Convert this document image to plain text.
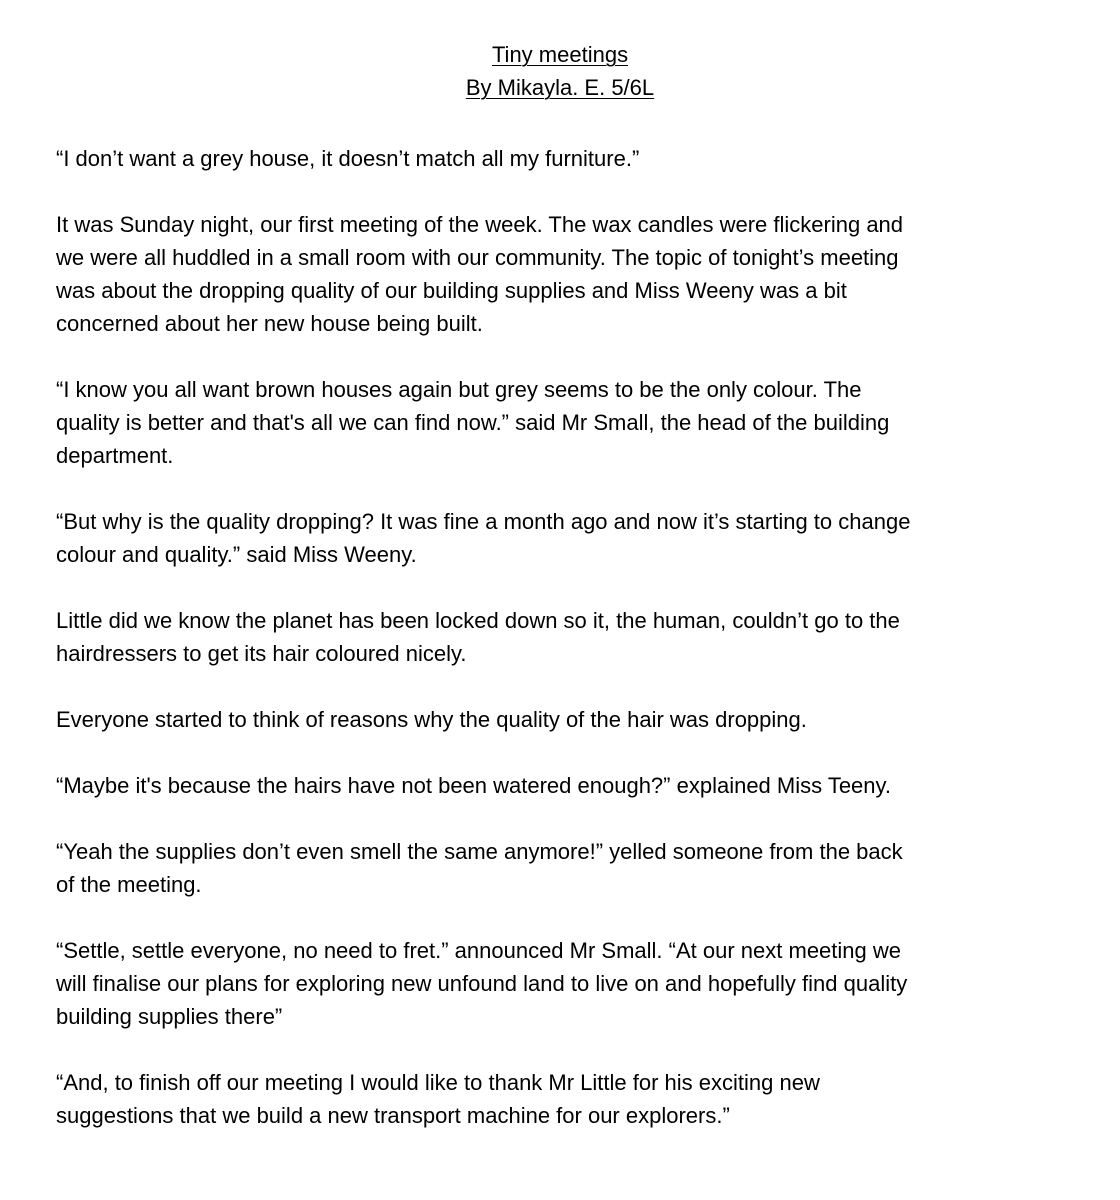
Tiny meetings
By Mikayla. E. 5/6L

“I don’t want a grey house, it doesn’t match all my furniture.”

It was Sunday night, our first meeting of the week. The wax candles were flickering and
we were all huddled in a small room with our community. The topic of tonight’s meeting
was about the dropping quality of our building supplies and Miss Weeny was a bit
concerned about her new house being built.

“I know you all want brown houses again but grey seems to be the only colour. The
quality is better and that's all we can find now.” said Mr Small, the head of the building
department.

“But why is the quality dropping? It was fine a month ago and now it’s starting to change
colour and quality.” said Miss Weeny.

Little did we know the planet has been locked down so it, the human, couldn’t go to the
hairdressers to get its hair coloured nicely.

Everyone started to think of reasons why the quality of the hair was dropping.

“Maybe it's because the hairs have not been watered enough?” explained Miss Teeny.

“Yeah the supplies don’t even smell the same anymore!” yelled someone from the back
of the meeting.

“Settle, settle everyone, no need to fret.” announced Mr Small. “At our next meeting we
will finalise our plans for exploring new unfound land to live on and hopefully find quality
building supplies there”

“And, to finish off our meeting I would like to thank Mr Little for his exciting new
suggestions that we build a new transport machine for our explorers.”
